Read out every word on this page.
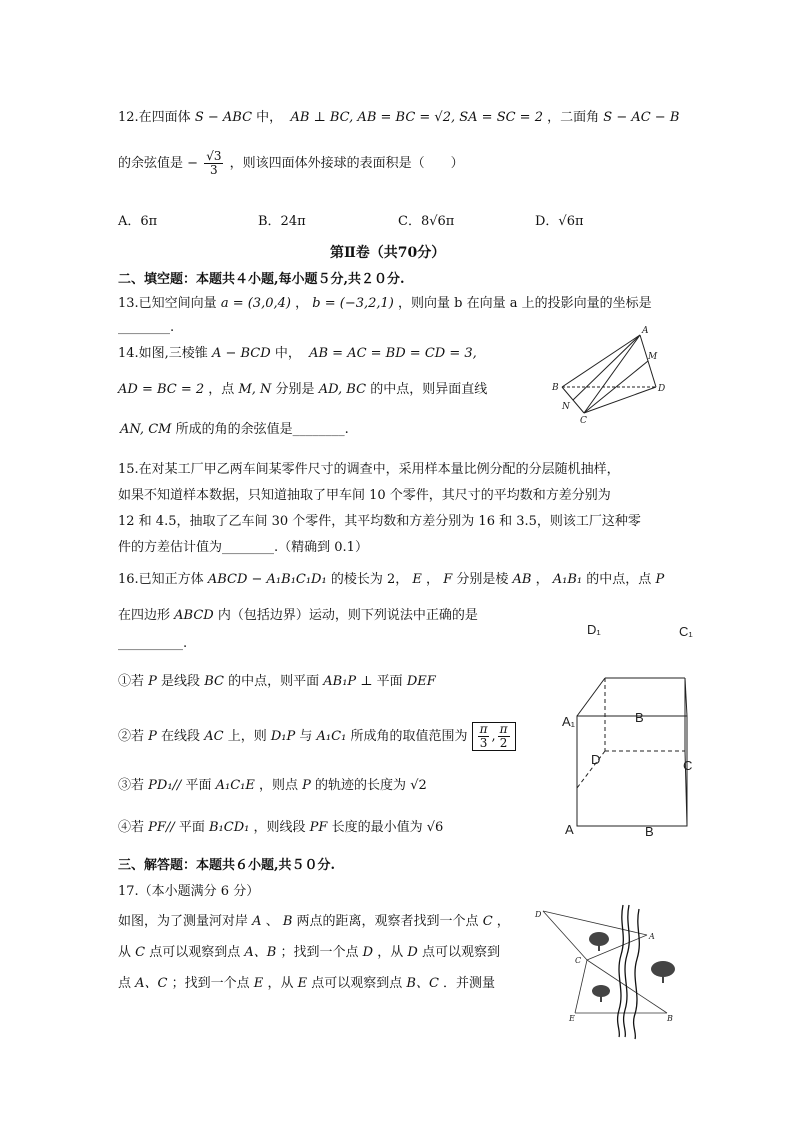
12.在四面体 S − ABC 中， AB ⊥ BC, AB = BC = √2, SA = SC = 2 ，二面角 S − AC − B
的余弦值是 − $\frac{√3}{3}$ ，则该四面体外接球的表面积是（　　）
A．6π	B．24π	C．8√6π	D．√6π
第Ⅱ卷（共70分）
二、填空题：本题共４小题,每小题５分,共２０分.
13.已知空间向量 a = (3,0,4) ， b = (−3,2,1) ，则向量 b 在向量 a 上的投影向量的坐标是
________.
14.如图,三棱锥 A − BCD 中， AB = AC = BD = CD = 3,
AD = BC = 2 ，点 M, N 分别是 AD, BC 的中点，则异面直线
AN, CM 所成的角的余弦值是________.
A
M
B	D
N
C
15.在对某工厂甲乙两车间某零件尺寸的调查中，采用样本量比例分配的分层随机抽样，
如果不知道样本数据，只知道抽取了甲车间 10 个零件，其尺寸的平均数和方差分别为
12 和 4.5，抽取了乙车间 30 个零件，其平均数和方差分别为 16 和 3.5，则该工厂这种零
件的方差估计值为________.（精确到 0.1）
16.已知正方体 ABCD − A₁B₁C₁D₁ 的棱长为 2， E ， F 分别是棱 AB ， A₁B₁ 的中点，点 P
在四边形 ABCD 内（包括边界）运动，则下列说法中正确的是
__________.
①若 P 是线段 BC 的中点，则平面 AB₁P ⊥ 平面 DEF
②若 P 在线段 AC 上，则 D₁P 与 A₁C₁ 所成角的取值范围为 $\frac{\pi}{3}$ , $\frac{\pi}{2}$
③若 PD₁// 平面 A₁C₁E ，则点 P 的轨迹的长度为 √2
④若 PF// 平面 B₁CD₁ ，则线段 PF 长度的最小值为 √6
D₁	C₁
A₁	B
D	C
A	B
三、解答题：本题共６小题,共５０分.
17.（本小题满分 6 分）
如图，为了测量河对岸 A 、 B 两点的距离，观察者找到一个点 C ，
从 C 点可以观察到点 A、B ；找到一个点 D ，从 D 点可以观察到
点 A、C ；找到一个点 E ，从 E 点可以观察到点 B、C ．并测量
D
A
C
E	B
